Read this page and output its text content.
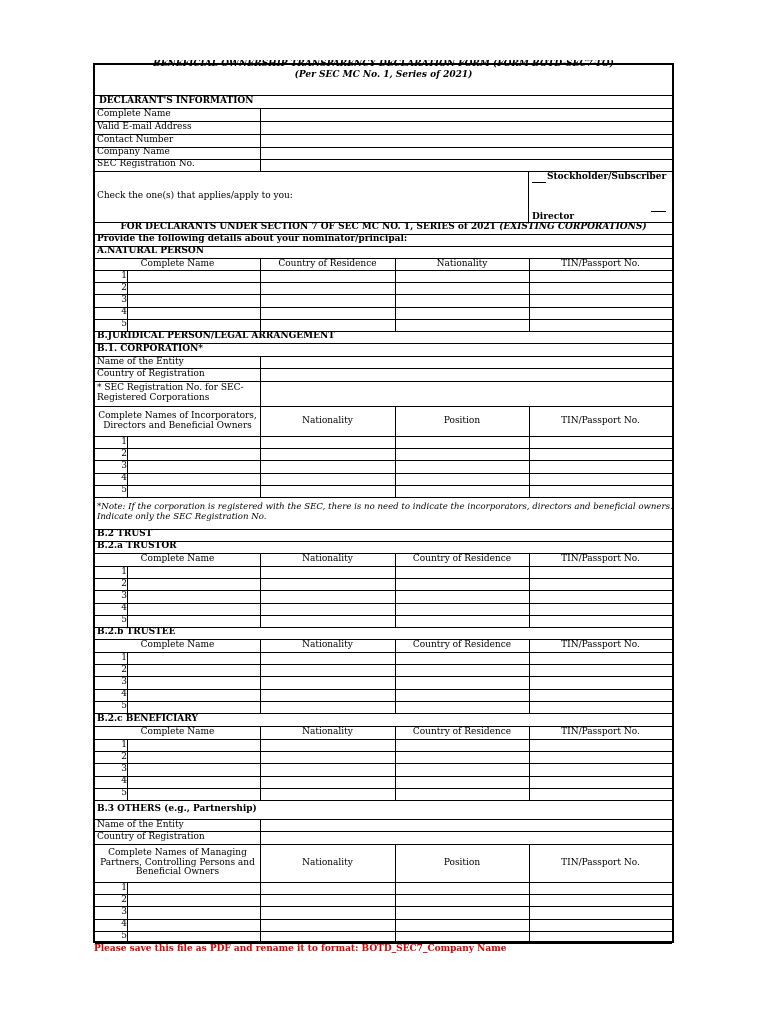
BENEFICIAL OWNERSHIP TRANSPARENCY DECLARATION FORM (FORM BOTD-SEC7-TO)
(Per SEC MC No. 1, Series of 2021)
DECLARANT'S INFORMATION
Complete Name
Valid E-mail Address
Contact Number
Company Name
SEC Registration No.
Check the one(s) that applies/apply to you:
Stockholder/Subscriber
Director
FOR DECLARANTS UNDER SECTION 7 OF SEC MC NO. 1, SERIES of 2021 (EXISTING CORPORATIONS)
Provide the following details about your nominator/principal:
A.NATURAL PERSON
Complete Name	Country of Residence	Nationality	TIN/Passport No.
1
2
3
4
5
B.JURIDICAL PERSON/LEGAL ARRANGEMENT
B.1. CORPORATION*
Name of the Entity
Country of Registration
* SEC Registration No. for SEC-
Registered Corporations
Complete Names of Incorporators,
Directors and Beneficial Owners	Nationality	Position	TIN/Passport No.
1
2
3
4
5
*Note: If the corporation is registered with the SEC, there is no need to indicate the incorporators, directors and beneficial owners.
Indicate only the SEC Registration No.
B.2 TRUST
B.2.a TRUSTOR
Complete Name	Nationality	Country of Residence	TIN/Passport No.
1
2
3
4
5
B.2.b TRUSTEE
Complete Name	Nationality	Country of Residence	TIN/Passport No.
1
2
3
4
5
B.2.c BENEFICIARY
Complete Name	Nationality	Country of Residence	TIN/Passport No.
1
2
3
4
5
B.3 OTHERS (e.g., Partnership)
Name of the Entity
Country of Registration
Complete Names of Managing
Partners, Controlling Persons and
Beneficial Owners
Nationality	Position	TIN/Passport No.
1
2
3
4
5
Please save this file as PDF and rename it to format: BOTD_SEC7_Company Name
